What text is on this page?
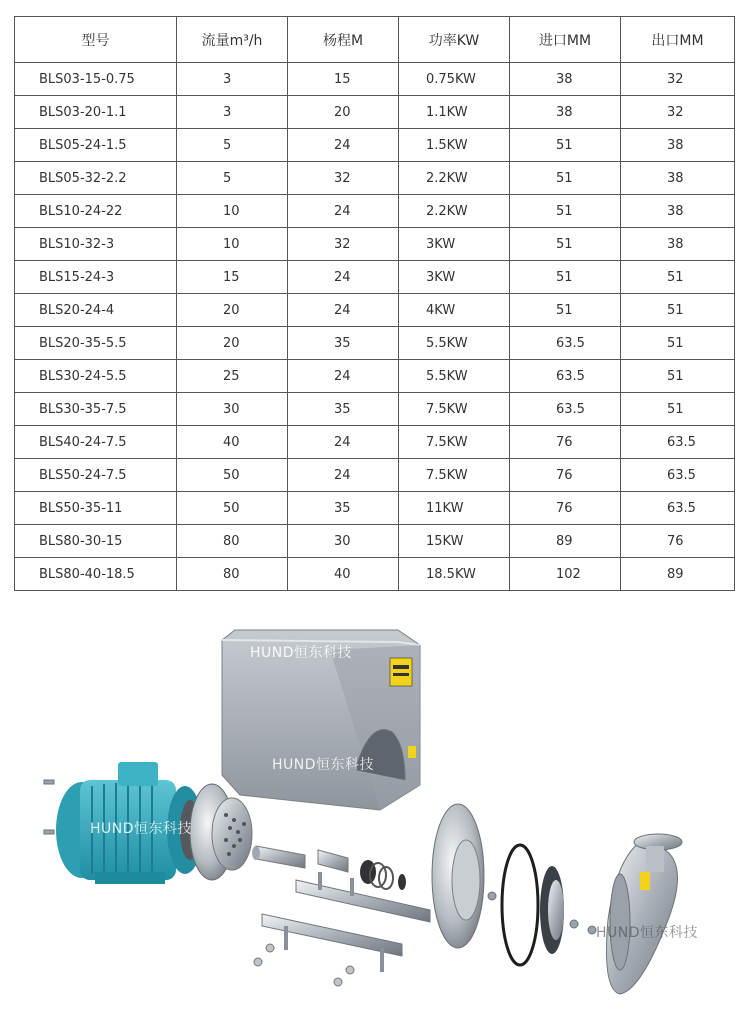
型号	流量m³/h	杨程M	功率KW	进口MM	出口MM
BLS03-15-0.75	3	15	0.75KW	38	32
BLS03-20-1.1	3	20	1.1KW	38	32
BLS05-24-1.5	5	24	1.5KW	51	38
BLS05-32-2.2	5	32	2.2KW	51	38
BLS10-24-22	10	24	2.2KW	51	38
BLS10-32-3	10	32	3KW	51	38
BLS15-24-3	15	24	3KW	51	51
BLS20-24-4	20	24	4KW	51	51
BLS20-35-5.5	20	35	5.5KW	63.5	51
BLS30-24-5.5	25	24	5.5KW	63.5	51
BLS30-35-7.5	30	35	7.5KW	63.5	51
BLS40-24-7.5	40	24	7.5KW	76	63.5
BLS50-24-7.5	50	24	7.5KW	76	63.5
BLS50-35-11	50	35	11KW	76	63.5
BLS80-30-15	80	30	15KW	89	76
BLS80-40-18.5	80	40	18.5KW	102	89
HUND恒东科技
HUND恒东科技
HUND恒东科技
HUND恒东科技
